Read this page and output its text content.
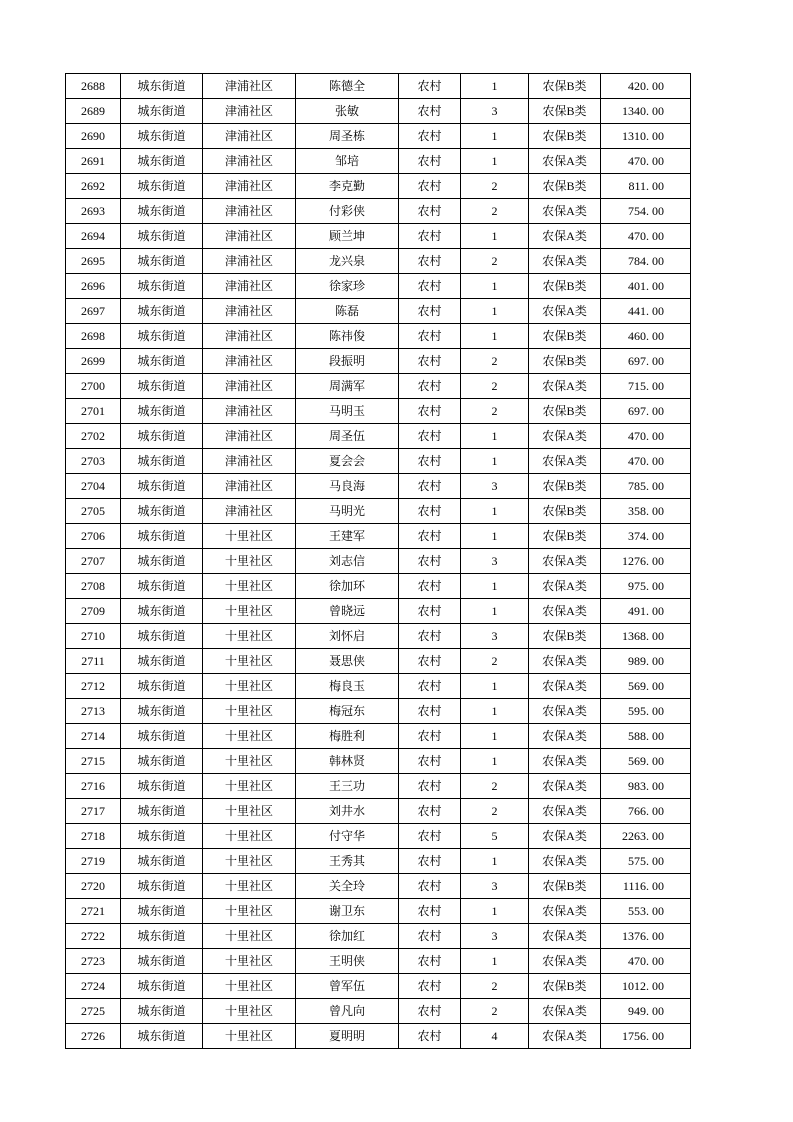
2688	城东街道	津浦社区	陈德全	农村	1	农保B类	420. 00
2689	城东街道	津浦社区	张敏	农村	3	农保B类	1340. 00
2690	城东街道	津浦社区	周圣栋	农村	1	农保B类	1310. 00
2691	城东街道	津浦社区	邹培	农村	1	农保A类	470. 00
2692	城东街道	津浦社区	李克勤	农村	2	农保B类	811. 00
2693	城东街道	津浦社区	付彩侠	农村	2	农保A类	754. 00
2694	城东街道	津浦社区	顾兰坤	农村	1	农保A类	470. 00
2695	城东街道	津浦社区	龙兴泉	农村	2	农保A类	784. 00
2696	城东街道	津浦社区	徐家珍	农村	1	农保B类	401. 00
2697	城东街道	津浦社区	陈磊	农村	1	农保A类	441. 00
2698	城东街道	津浦社区	陈祎俊	农村	1	农保B类	460. 00
2699	城东街道	津浦社区	段振明	农村	2	农保B类	697. 00
2700	城东街道	津浦社区	周满军	农村	2	农保A类	715. 00
2701	城东街道	津浦社区	马明玉	农村	2	农保B类	697. 00
2702	城东街道	津浦社区	周圣伍	农村	1	农保A类	470. 00
2703	城东街道	津浦社区	夏会会	农村	1	农保A类	470. 00
2704	城东街道	津浦社区	马良海	农村	3	农保B类	785. 00
2705	城东街道	津浦社区	马明光	农村	1	农保B类	358. 00
2706	城东街道	十里社区	王建军	农村	1	农保B类	374. 00
2707	城东街道	十里社区	刘志信	农村	3	农保A类	1276. 00
2708	城东街道	十里社区	徐加环	农村	1	农保A类	975. 00
2709	城东街道	十里社区	曾晓远	农村	1	农保A类	491. 00
2710	城东街道	十里社区	刘怀启	农村	3	农保B类	1368. 00
2711	城东街道	十里社区	聂思侠	农村	2	农保A类	989. 00
2712	城东街道	十里社区	梅良玉	农村	1	农保A类	569. 00
2713	城东街道	十里社区	梅冠东	农村	1	农保A类	595. 00
2714	城东街道	十里社区	梅胜利	农村	1	农保A类	588. 00
2715	城东街道	十里社区	韩林贤	农村	1	农保A类	569. 00
2716	城东街道	十里社区	王三功	农村	2	农保A类	983. 00
2717	城东街道	十里社区	刘井水	农村	2	农保A类	766. 00
2718	城东街道	十里社区	付守华	农村	5	农保A类	2263. 00
2719	城东街道	十里社区	王秀其	农村	1	农保A类	575. 00
2720	城东街道	十里社区	关全玲	农村	3	农保B类	1116. 00
2721	城东街道	十里社区	谢卫东	农村	1	农保A类	553. 00
2722	城东街道	十里社区	徐加红	农村	3	农保A类	1376. 00
2723	城东街道	十里社区	王明侠	农村	1	农保A类	470. 00
2724	城东街道	十里社区	曾军伍	农村	2	农保B类	1012. 00
2725	城东街道	十里社区	曾凡向	农村	2	农保A类	949. 00
2726	城东街道	十里社区	夏明明	农村	4	农保A类	1756. 00
